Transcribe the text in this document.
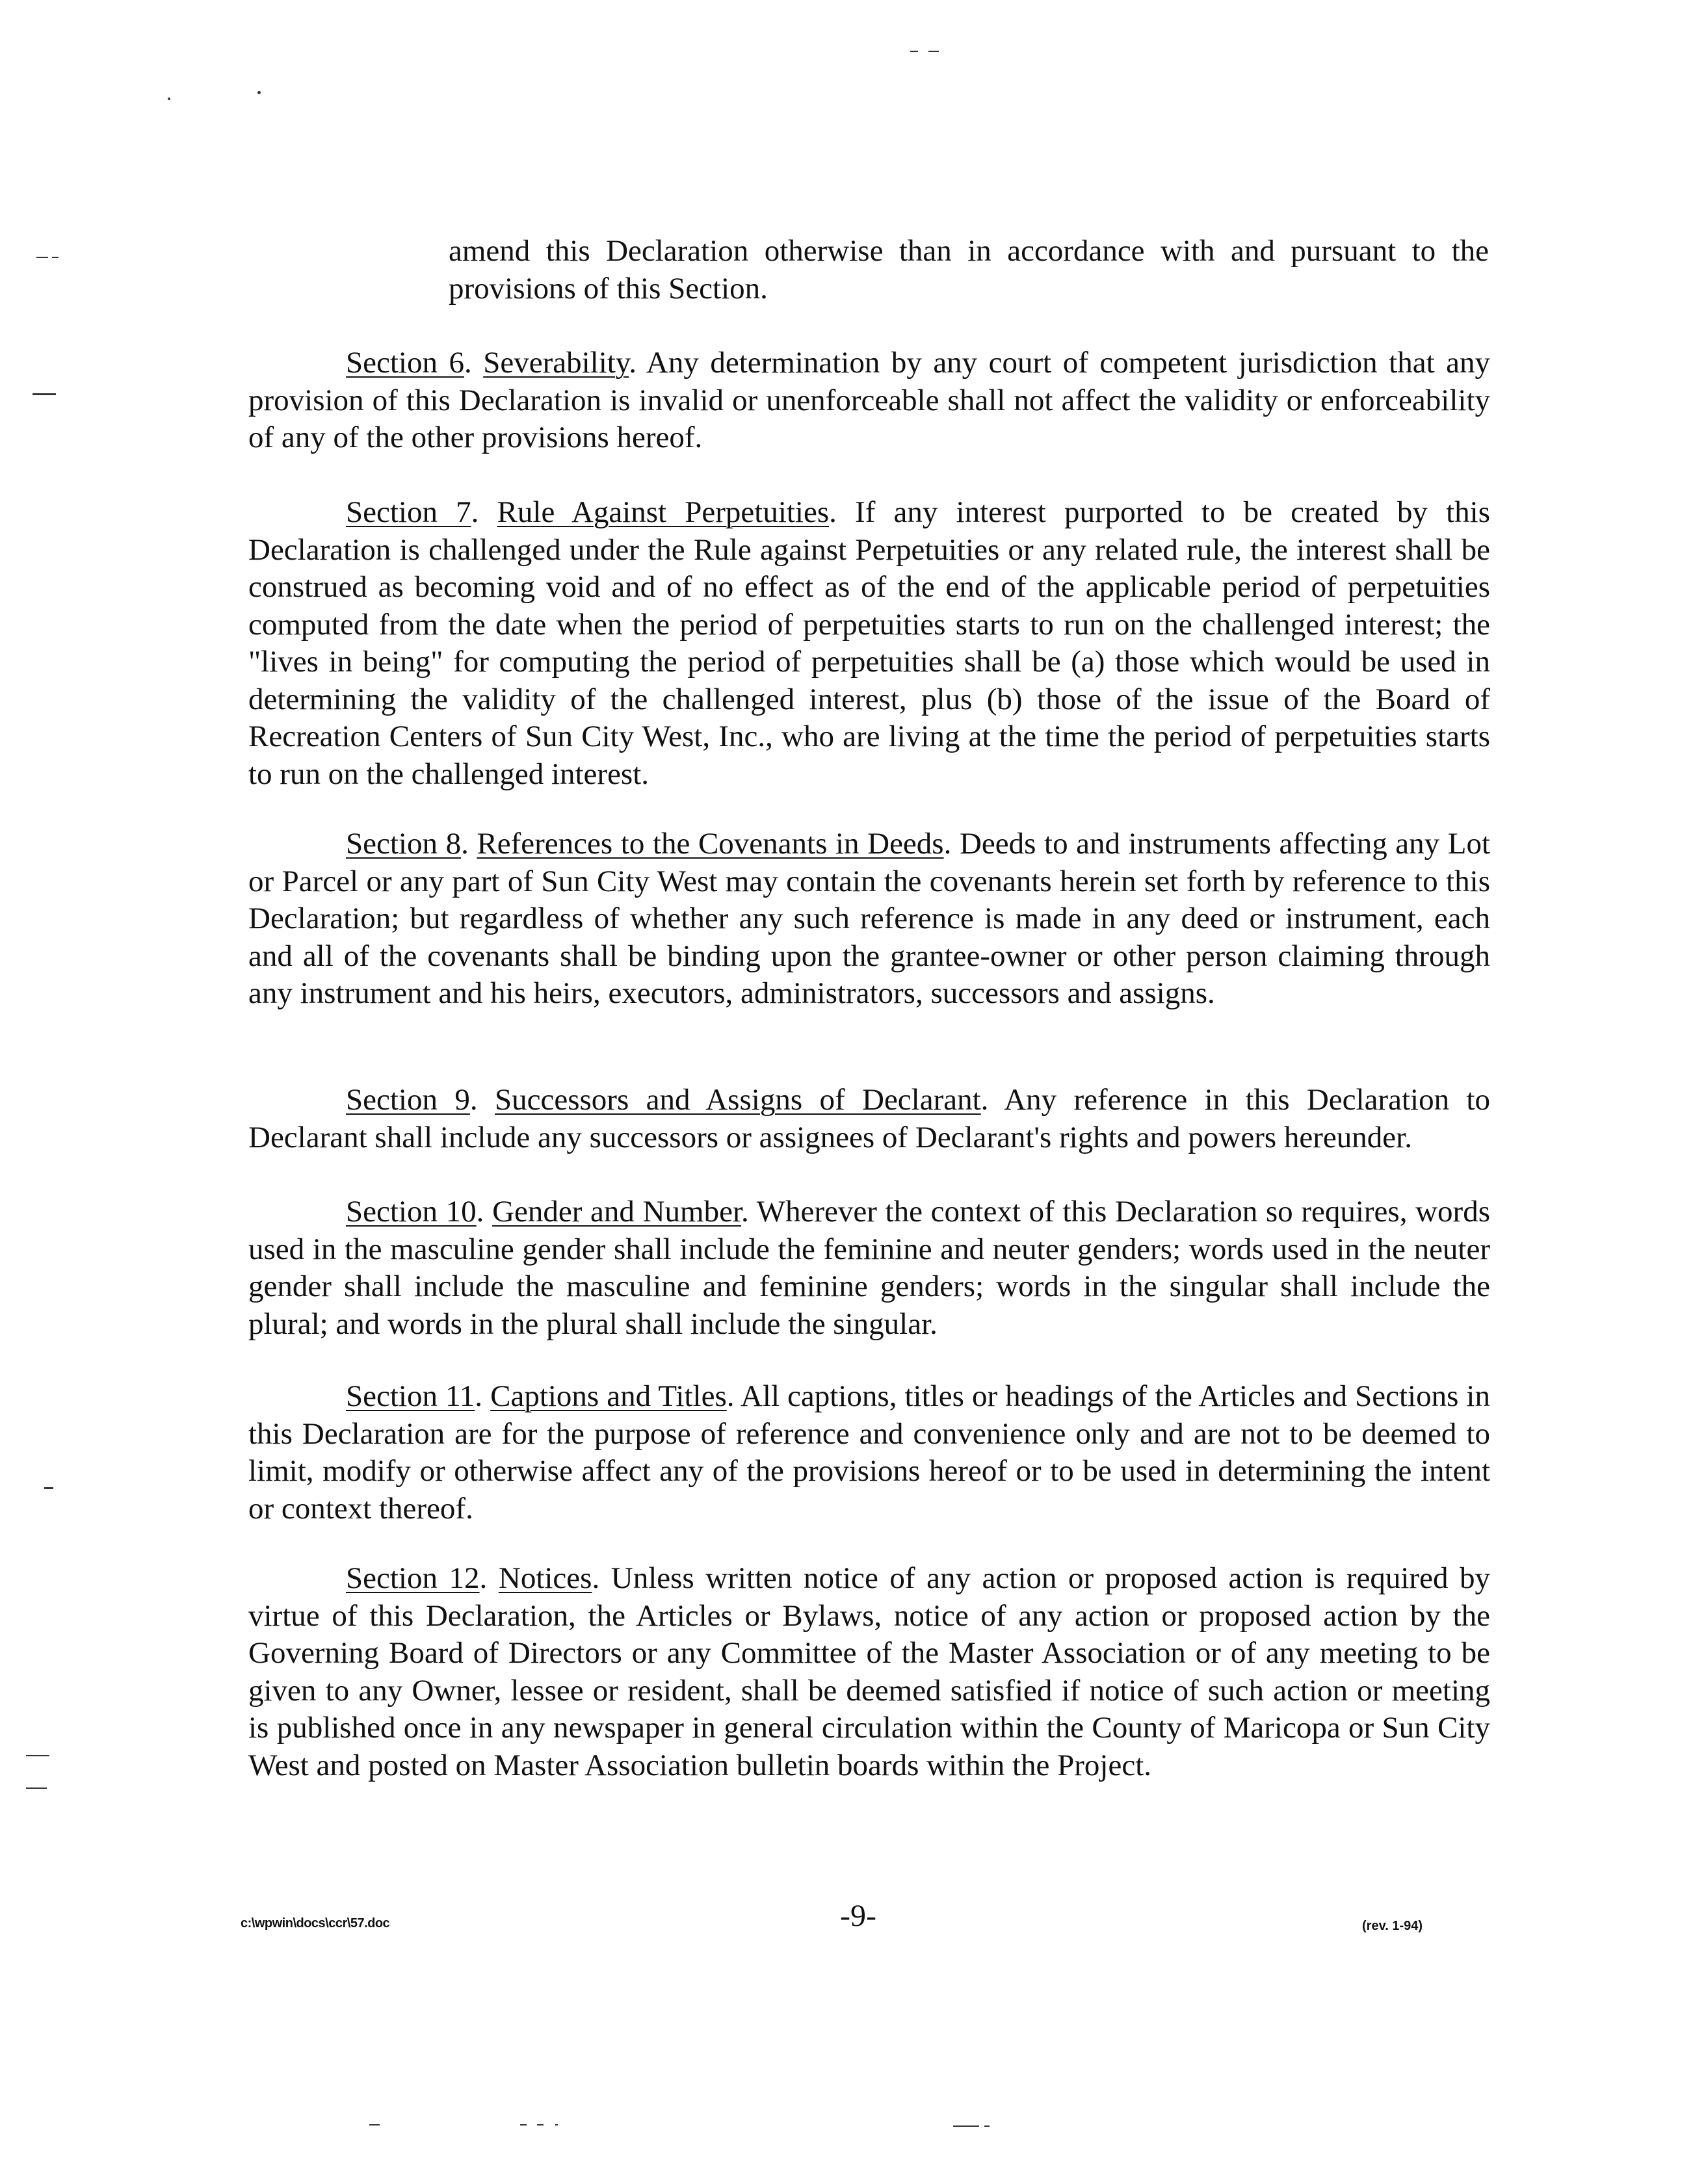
amend this Declaration otherwise than in accordance with and pursuant to the provisions of this Section.

Section 6. Severability. Any determination by any court of competent jurisdiction that any provision of this Declaration is invalid or unenforceable shall not affect the validity or enforceability of any of the other provisions hereof.

Section 7. Rule Against Perpetuities. If any interest purported to be created by this Declaration is challenged under the Rule against Perpetuities or any related rule, the interest shall be construed as becoming void and of no effect as of the end of the applicable period of perpetuities computed from the date when the period of perpetuities starts to run on the challenged interest; the "lives in being" for computing the period of perpetuities shall be (a) those which would be used in determining the validity of the challenged interest, plus (b) those of the issue of the Board of Recreation Centers of Sun City West, Inc., who are living at the time the period of perpetuities starts to run on the challenged interest.

Section 8. References to the Covenants in Deeds. Deeds to and instruments affecting any Lot or Parcel or any part of Sun City West may contain the covenants herein set forth by reference to this Declaration; but regardless of whether any such reference is made in any deed or instrument, each and all of the covenants shall be binding upon the grantee-owner or other person claiming through any instrument and his heirs, executors, administrators, successors and assigns.

Section 9. Successors and Assigns of Declarant. Any reference in this Declaration to Declarant shall include any successors or assignees of Declarant's rights and powers hereunder.

Section 10. Gender and Number. Wherever the context of this Declaration so requires, words used in the masculine gender shall include the feminine and neuter genders; words used in the neuter gender shall include the masculine and feminine genders; words in the singular shall include the plural; and words in the plural shall include the singular.

Section 11. Captions and Titles. All captions, titles or headings of the Articles and Sections in this Declaration are for the purpose of reference and convenience only and are not to be deemed to limit, modify or otherwise affect any of the provisions hereof or to be used in determining the intent or context thereof.

Section 12. Notices. Unless written notice of any action or proposed action is required by virtue of this Declaration, the Articles or Bylaws, notice of any action or proposed action by the Governing Board of Directors or any Committee of the Master Association or of any meeting to be given to any Owner, lessee or resident, shall be deemed satisfied if notice of such action or meeting is published once in any newspaper in general circulation within the County of Maricopa or Sun City West and posted on Master Association bulletin boards within the Project.

c:\wpwin\docs\ccr\57.doc	-9-	(rev. 1-94)
